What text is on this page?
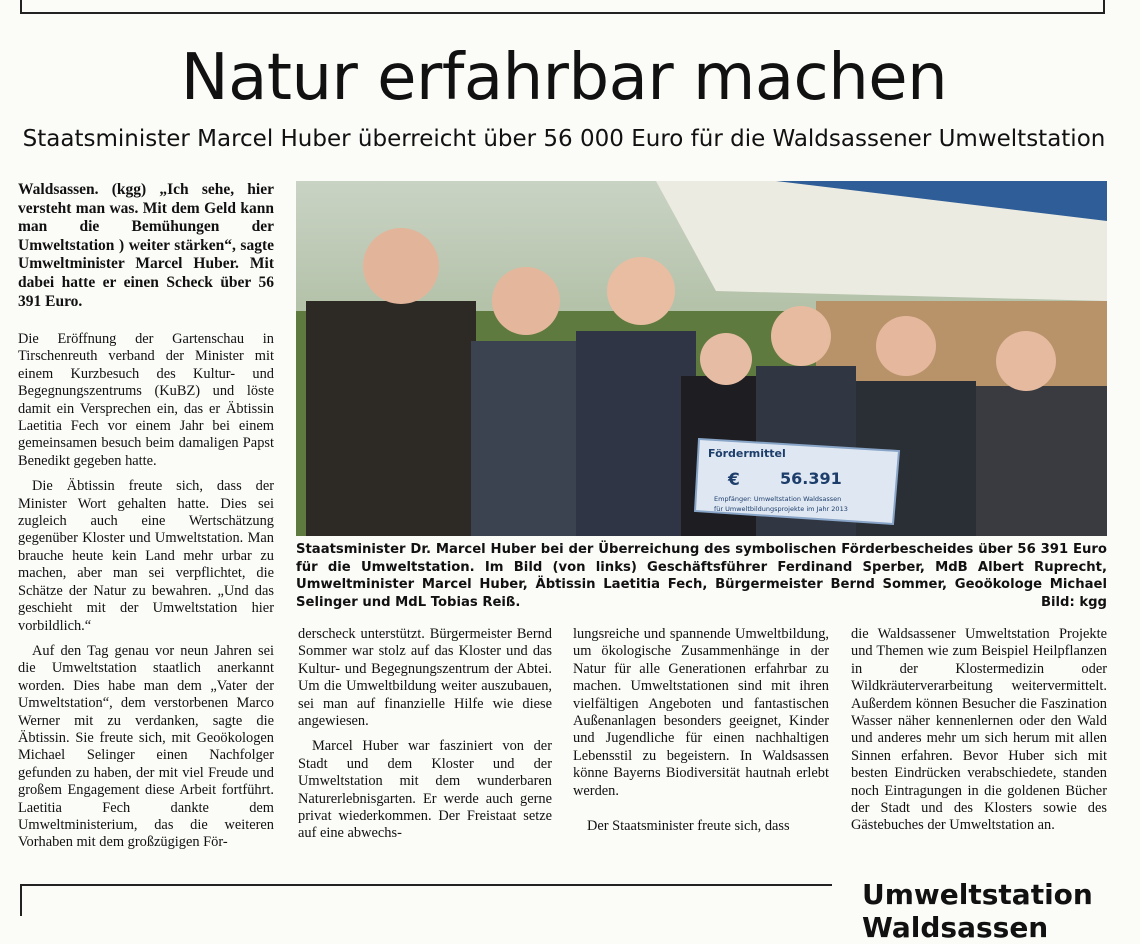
Natur erfahrbar machen
Staatsminister Marcel Huber überreicht über 56 000 Euro für die Waldsassener Umweltstation
Waldsassen. (kgg) „Ich sehe, hier versteht man was. Mit dem Geld kann man die Bemühungen der Umweltstation ) weiter stärken“, sagte Umweltminister Marcel Huber. Mit dabei hatte er einen Scheck über 56 391 Euro.

Die Eröffnung der Gartenschau in Tirschenreuth verband der Minister mit einem Kurzbesuch des Kultur- und Begegnungszentrums (KuBZ) und löste damit ein Versprechen ein, das er Äbtissin Laetitia Fech vor einem Jahr bei einem gemeinsamen besuch beim damaligen Papst Benedikt gegeben hatte.

Die Äbtissin freute sich, dass der Minister Wort gehalten hatte. Dies sei zugleich auch eine Wertschätzung gegenüber Kloster und Umweltstation. Man brauche heute kein Land mehr urbar zu machen, aber man sei verpflichtet, die Schätze der Natur zu bewahren. „Und das geschieht mit der Umweltstation hier vorbildlich.“

Auf den Tag genau vor neun Jahren sei die Umweltstation staatlich anerkannt worden. Dies habe man dem „Vater der Umweltstation“, dem verstorbenen Marco Werner mit zu verdanken, sagte die Äbtissin. Sie freute sich, mit Geoökologen Michael Selinger einen Nachfolger gefunden zu haben, der mit viel Freude und großem Engagement diese Arbeit fortführt. Laetitia Fech dankte dem Umweltministerium, das die weiteren Vorhaben mit dem großzügigen För-

Fördermittel
€	56.391
Empfänger: Umweltstation Waldsassen
für Umweltbildungsprojekte im Jahr 2013
Staatsminister Dr. Marcel Huber bei der Überreichung des symbolischen Förderbescheides über 56 391 Euro für die Umweltstation. Im Bild (von links) Geschäftsführer Ferdinand Sperber, MdB Albert Ruprecht, Umweltminister Marcel Huber, Äbtissin Laetitia Fech, Bürgermeister Bernd Sommer, Geoökologe Michael Selinger und MdL Tobias Reiß.	Bild: kgg

derscheck unterstützt. Bürgermeister Bernd Sommer war stolz auf das Kloster und das Kultur- und Begegnungszentrum der Abtei. Um die Umweltbildung weiter auszubauen, sei man auf finanzielle Hilfe wie diese angewiesen.

Marcel Huber war fasziniert von der Stadt und dem Kloster und der Umweltstation mit dem wunderbaren Naturerlebnisgarten. Er werde auch gerne privat wiederkommen. Der Freistaat setze auf eine abwechs-

lungsreiche und spannende Umweltbildung, um ökologische Zusammenhänge in der Natur für alle Generationen erfahrbar zu machen. Umweltstationen sind mit ihren vielfältigen Angeboten und fantastischen Außenanlagen besonders geeignet, Kinder und Jugendliche für einen nachhaltigen Lebensstil zu begeistern. In Waldsassen könne Bayerns Biodiversität hautnah erlebt werden.

Der Staatsminister freute sich, dass

die Waldsassener Umweltstation Projekte und Themen wie zum Beispiel Heilpflanzen in der Klostermedizin oder Wildkräuterverarbeitung weitervermittelt. Außerdem können Besucher die Faszination Wasser näher kennenlernen oder den Wald und anderes mehr um sich herum mit allen Sinnen erfahren. Bevor Huber sich mit besten Eindrücken verabschiedete, standen noch Eintragungen in die goldenen Bücher der Stadt und des Klosters sowie des Gästebuches der Umweltstation an.

Umweltstation Waldsassen
